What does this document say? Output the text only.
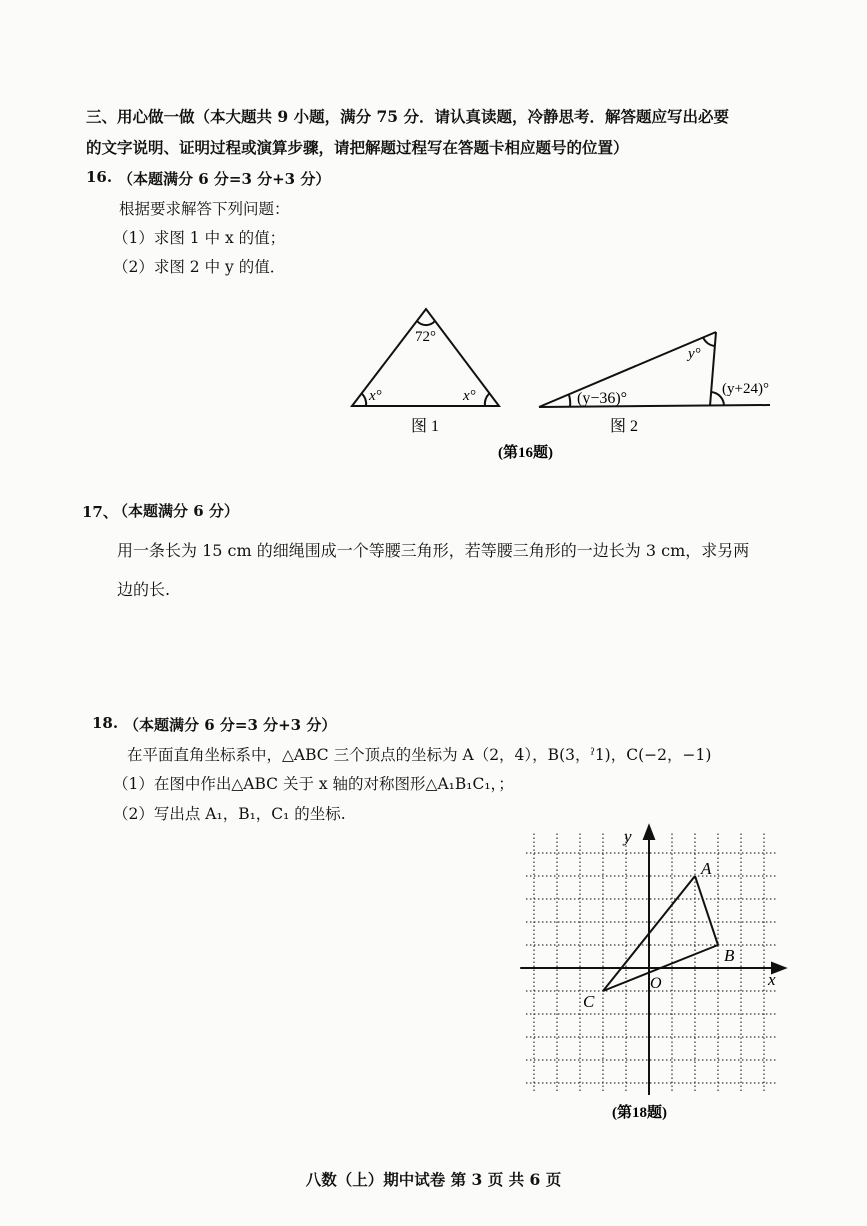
三、用心做一做（本大题共 9 小题，满分 75 分．请认真读题，冷静思考．解答题应写出必要
的文字说明、证明过程或演算步骤，请把解题过程写在答题卡相应题号的位置）
16. （本题满分 6 分=3 分+3 分）
根据要求解答下列问题：
（1）求图 1 中 x 的值；
（2）求图 2 中 y 的值．
72°
x°	x°
图 1
(y−36)°
y°
(y+24)°
图 2
(第16题)
17、
（本题满分 6 分）
用一条长为 15 cm 的细绳围成一个等腰三角形，若等腰三角形的一边长为 3 cm，求另两
边的长.
18. （本题满分 6 分=3 分+3 分）
在平面直角坐标系中，△ABC 三个顶点的坐标为 A（2，4），B(3，ˀ1)，C(−2，−1)
（1）在图中作出△ABC 关于 x 轴的对称图形△A₁B₁C₁，；
（2）写出点 A₁，B₁，C₁ 的坐标.
x
y
O
A
B
C
(第18题)
八数（上）期中试卷 第 3 页 共 6 页
